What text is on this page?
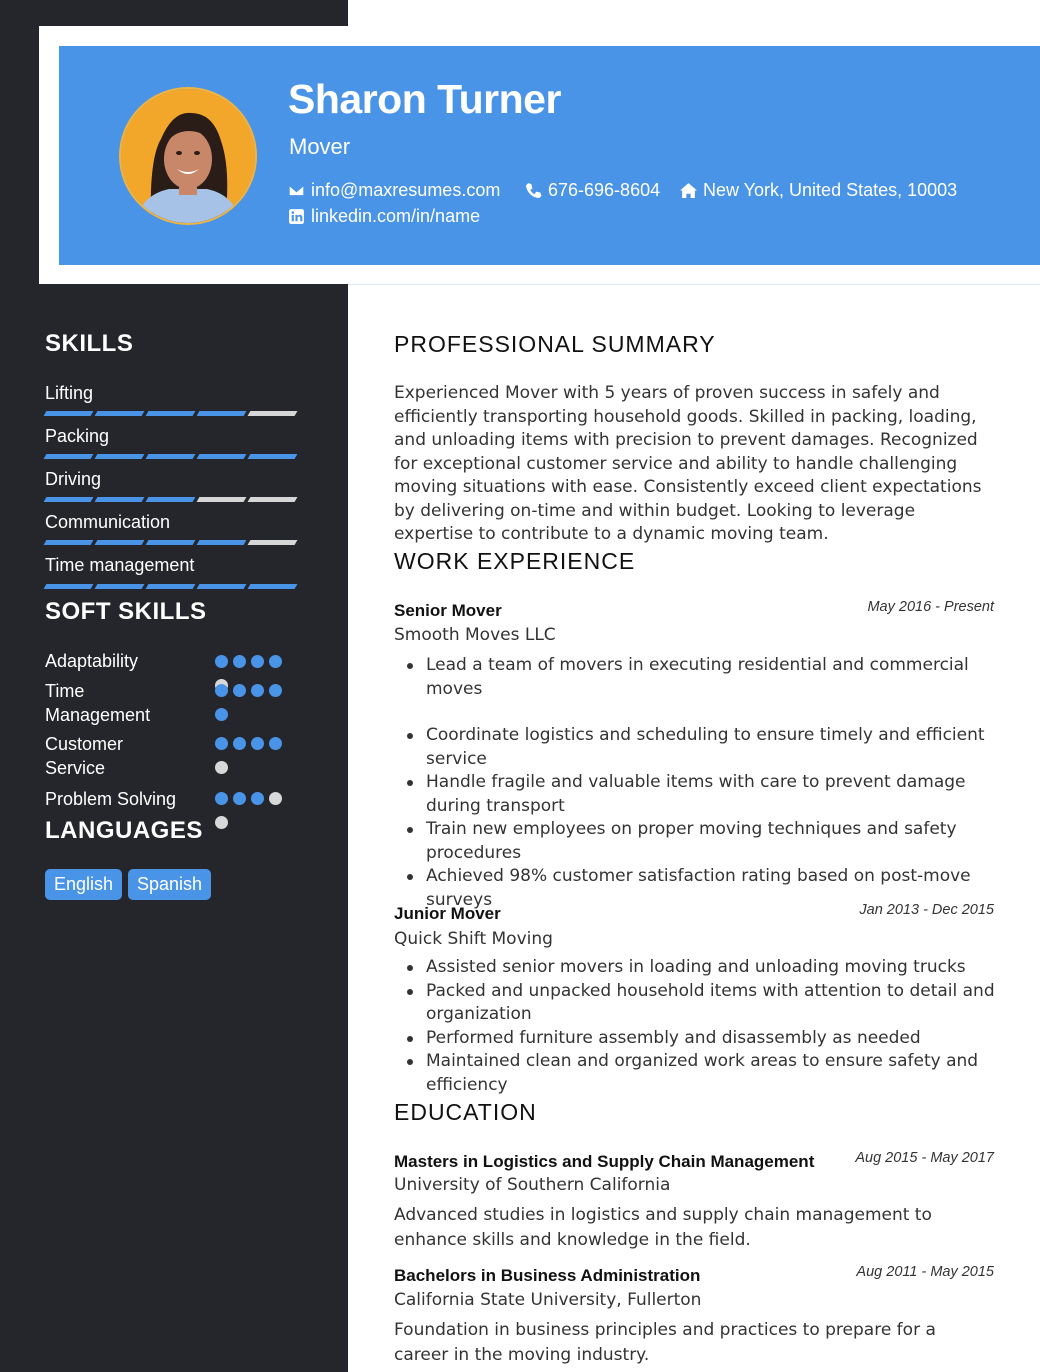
Sharon Turner
Mover
info@maxresumes.com	676-696-8604 New York, United States, 10003
linkedin.com/in/name
SKILLS
Lifting
Packing
Driving
Communication
Time management
SOFT SKILLS
Adaptability
Time Management
Customer Service
Problem Solving
LANGUAGES
English	Spanish
PROFESSIONAL SUMMARY
Experienced Mover with 5 years of proven success in safely and efficiently transporting household goods. Skilled in packing, loading, and unloading items with precision to prevent damages. Recognized for exceptional customer service and ability to handle challenging moving situations with ease. Consistently exceed client expectations by delivering on-time and within budget. Looking to leverage expertise to contribute to a dynamic moving team.
WORK EXPERIENCE
Senior Mover	May 2016 - Present
Smooth Moves LLC
Lead a team of movers in executing residential and commercial moves
Coordinate logistics and scheduling to ensure timely and efficient service
Handle fragile and valuable items with care to prevent damage during transport
Train new employees on proper moving techniques and safety procedures
Achieved 98% customer satisfaction rating based on post-move surveys
Junior Mover	Jan 2013 - Dec 2015
Quick Shift Moving
Assisted senior movers in loading and unloading moving trucks
Packed and unpacked household items with attention to detail and organization
Performed furniture assembly and disassembly as needed
Maintained clean and organized work areas to ensure safety and efficiency
EDUCATION
Masters in Logistics and Supply Chain Management	Aug 2015 - May 2017
University of Southern California
Advanced studies in logistics and supply chain management to enhance skills and knowledge in the field.
Bachelors in Business Administration	Aug 2011 - May 2015
California State University, Fullerton
Foundation in business principles and practices to prepare for a career in the moving industry.
